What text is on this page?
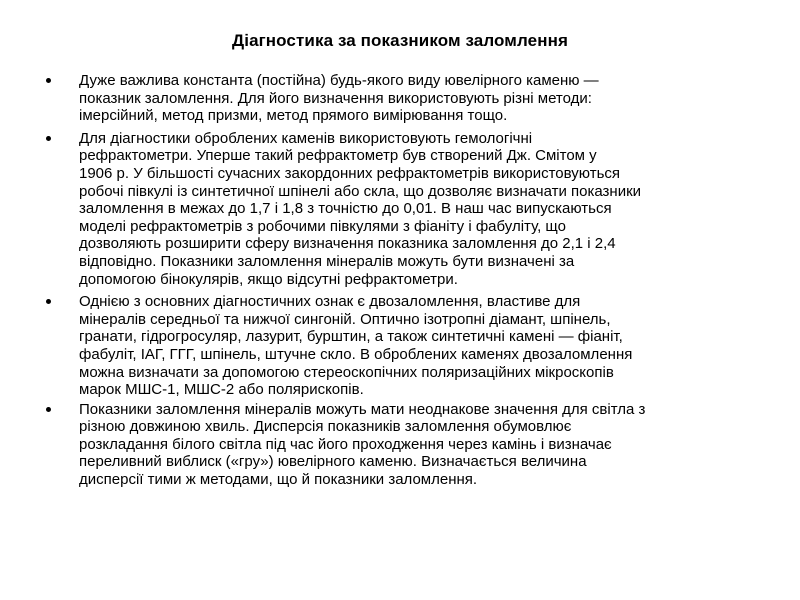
Діагностика за показником заломлення
Дуже важлива константа (постійна) будь-якого виду ювелірного каменю —
показник заломлення. Для його визначення використовують різні методи:
імерсійний, метод призми, метод прямого вимірювання тощо.
Для діагностики оброблених каменів використовують гемологічні
рефрактометри. Уперше такий рефрактометр був створений Дж. Смітом у
1906 р. У більшості сучасних закордонних рефрактометрів використовуються
робочі півкулі із синтетичної шпінелі або скла, що дозволяє визначати показники
заломлення в межах до 1,7 і 1,8 з точністю до 0,01. В наш час випускаються
моделі рефрактометрів з робочими півкулями з фіаніту і фабуліту, що
дозволяють розширити сферу визначення показника заломлення до 2,1 і 2,4
відповідно. Показники заломлення мінералів можуть бути визначені за
допомогою бінокулярів, якщо відсутні рефрактометри.
Однією з основних діагностичних ознак є двозаломлення, властиве для
мінералів середньої та нижчої сингоній. Оптично ізотропні діамант, шпінель,
гранати, гідрогросуляр, лазурит, бурштин, а також синтетичні камені — фіаніт,
фабуліт, ІАГ, ГГГ, шпінель, штучне скло. В оброблених каменях двозаломлення
можна визначати за допомогою стереоскопічних поляризаційних мікроскопів
марок МШС-1, МШС-2 або полярископів.
Показники заломлення мінералів можуть мати неоднакове значення для світла з
різною довжиною хвиль. Дисперсія показників заломлення обумовлює
розкладання білого світла під час його проходження через камінь і визначає
переливний виблиск («гру») ювелірного каменю. Визначається величина
дисперсії тими ж методами, що й показники заломлення.
